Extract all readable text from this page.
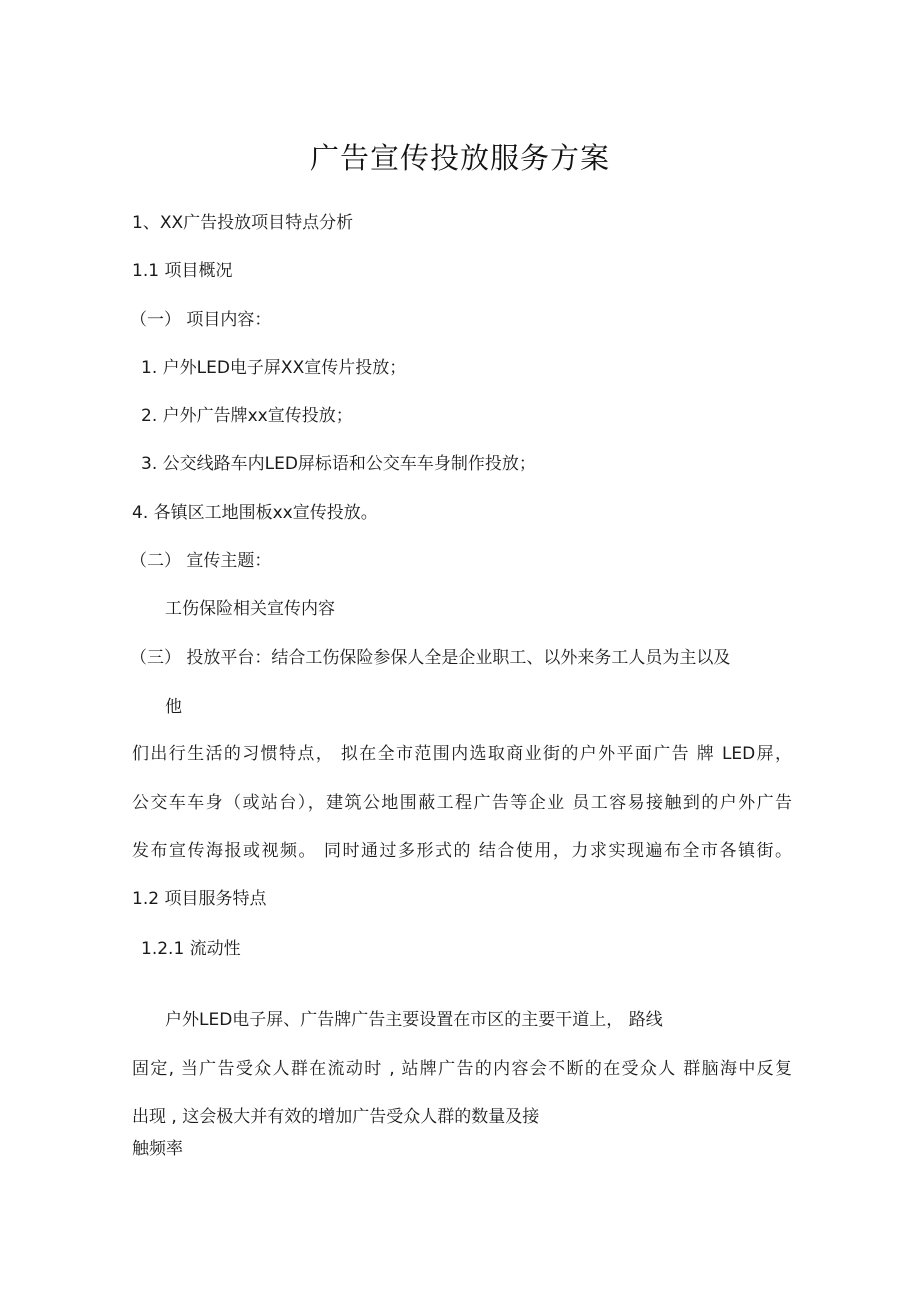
广告宣传投放服务方案
1、XX广告投放项目特点分析
1.1 项目概况
（一） 项目内容：
1. 户外LED电子屏XX宣传片投放；
2. 户外广告牌xx宣传投放；
3. 公交线路车内LED屏标语和公交车车身制作投放；
4. 各镇区工地围板xx宣传投放。
（二） 宣传主题：
工伤保险相关宣传内容
（三） 投放平台：结合工伤保险参保人全是企业职工、以外来务工人员为主以及
他
们出行生活的习惯特点， 拟在全市范围内选取商业街的户外平面广告 牌 LED屏，
公交车车身（或站台），建筑公地围蔽工程广告等企业 员工容易接触到的户外广告
发布宣传海报或视频。 同时通过多形式的 结合使用，力求实现遍布全市各镇街。
1.2 项目服务特点
1.2.1 流动性
户外LED电子屏、广告牌广告主要设置在市区的主要干道上， 路线
固定, 当广告受众人群在流动时 , 站牌广告的内容会不断的在受众人 群脑海中反复
出现 , 这会极大并有效的增加广告受众人群的数量及接
触频率
